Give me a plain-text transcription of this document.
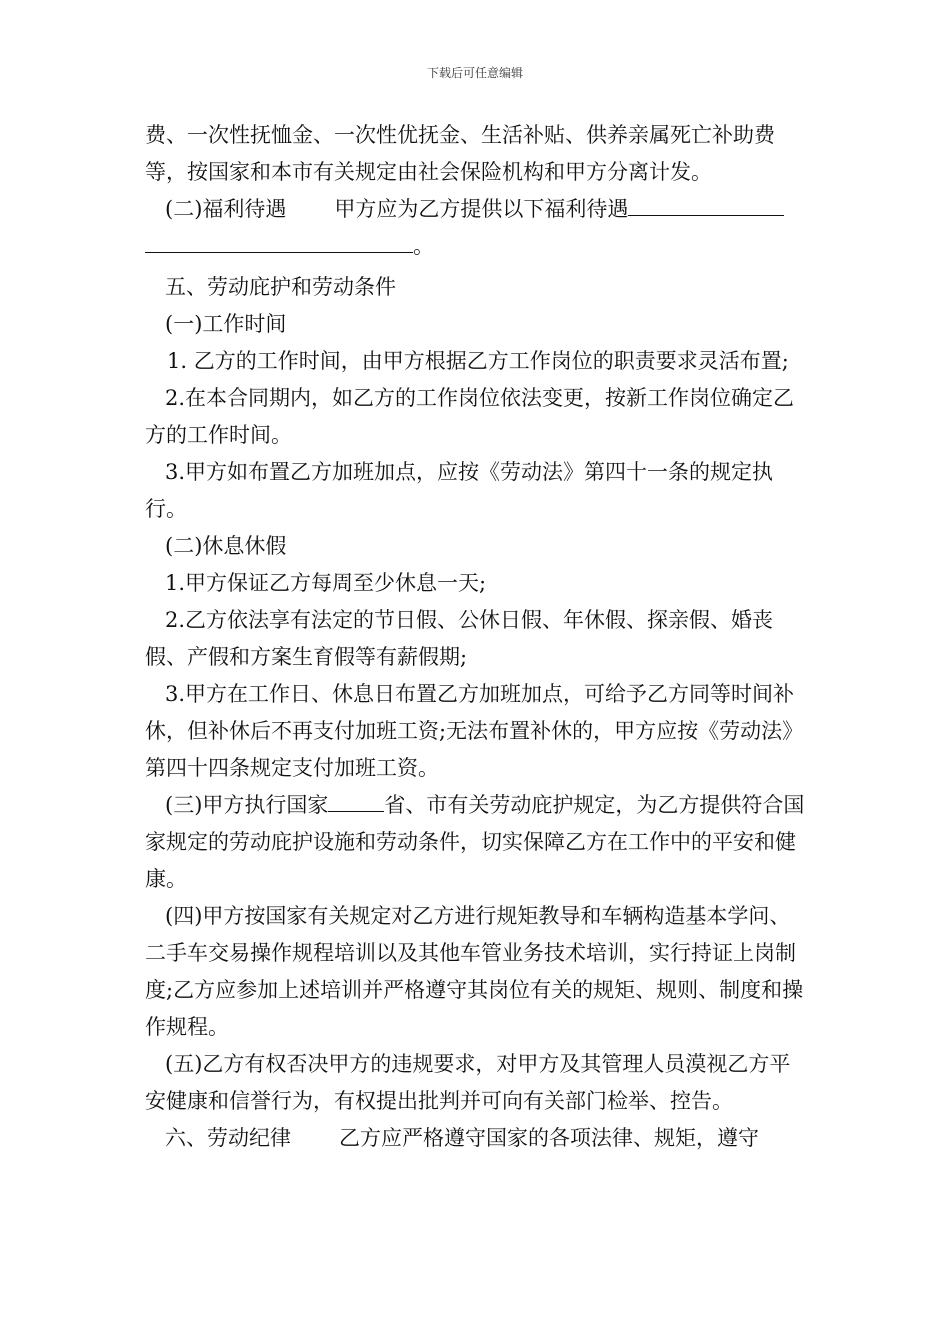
下载后可任意编辑

费、一次性抚恤金、一次性优抚金、生活补贴、供养亲属死亡补助费等，按国家和本市有关规定由社会保险机构和甲方分离计发。

(二)福利待遇 甲方应为乙方提供以下福利待遇
。

五、劳动庇护和劳动条件

(一)工作时间

1. 乙方的工作时间，由甲方根据乙方工作岗位的职责要求灵活布置;

2.在本合同期内，如乙方的工作岗位依法变更，按新工作岗位确定乙方的工作时间。

3.甲方如布置乙方加班加点，应按《劳动法》第四十一条的规定执行。

(二)休息休假

1.甲方保证乙方每周至少休息一天;

2.乙方依法享有法定的节日假、公休日假、年休假、探亲假、婚丧假、产假和方案生育假等有薪假期;

3.甲方在工作日、休息日布置乙方加班加点，可给予乙方同等时间补休，但补休后不再支付加班工资;无法布置补休的，甲方应按《劳动法》第四十四条规定支付加班工资。

(三)甲方执行国家	省、市有关劳动庇护规定，为乙方提供符合国家规定的劳动庇护设施和劳动条件，切实保障乙方在工作中的平安和健康。

(四)甲方按国家有关规定对乙方进行规矩教导和车辆构造基本学问、二手车交易操作规程培训以及其他车管业务技术培训，实行持证上岗制度;乙方应参加上述培训并严格遵守其岗位有关的规矩、规则、制度和操作规程。

(五)乙方有权否决甲方的违规要求，对甲方及其管理人员漠视乙方平安健康和信誉行为，有权提出批判并可向有关部门检举、控告。

六、劳动纪律 乙方应严格遵守国家的各项法律、规矩，遵守
